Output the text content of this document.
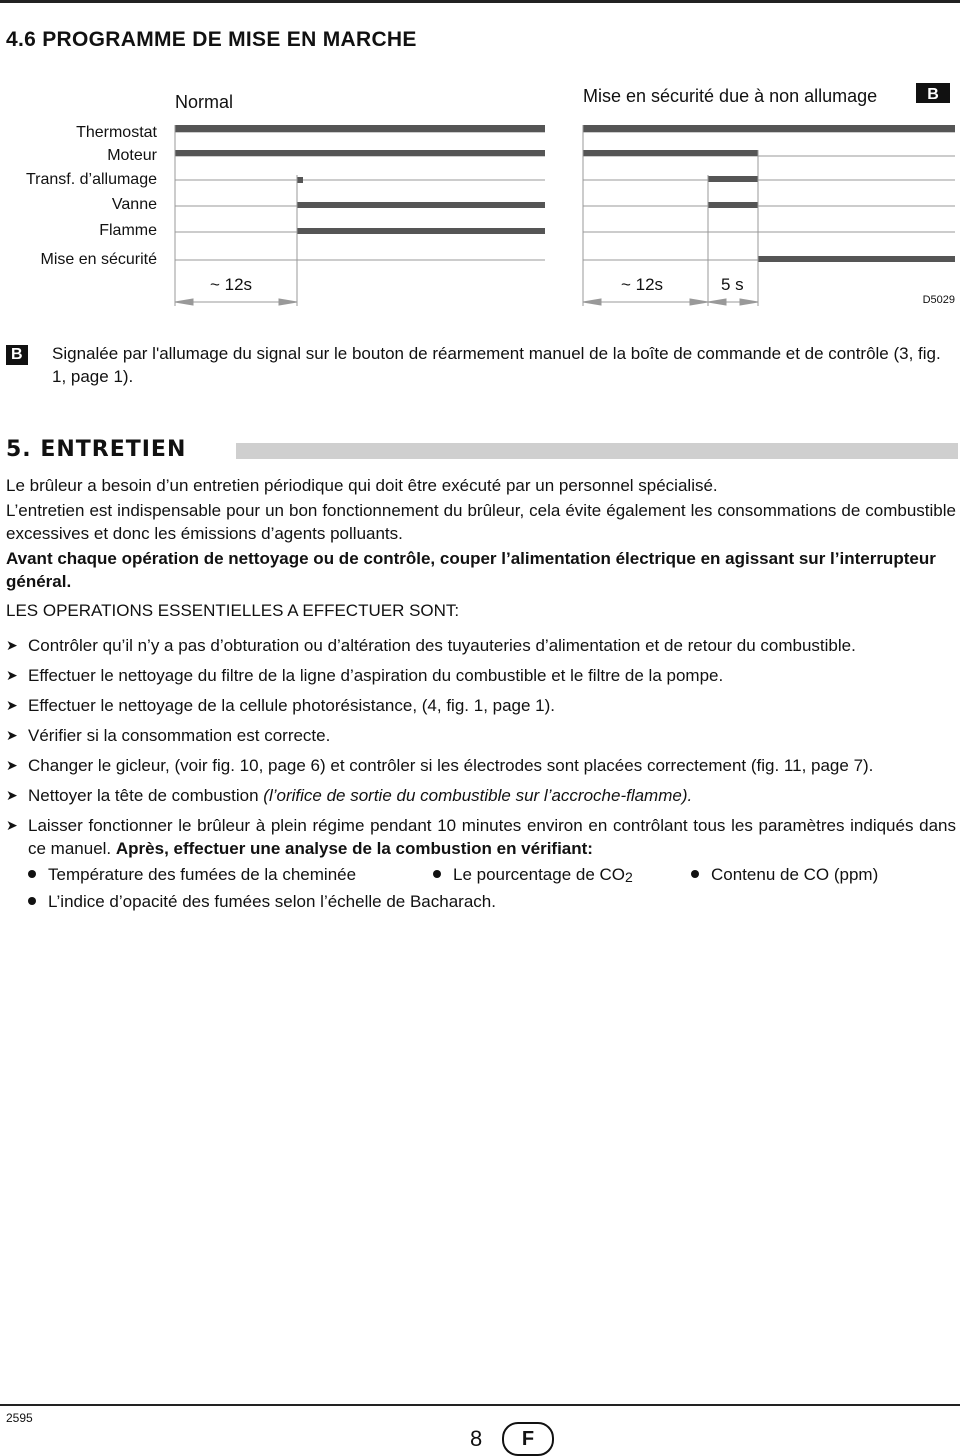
4.6 PROGRAMME DE MISE EN MARCHE
Normal	Mise en sécurité due à non allumage
Thermostat
Moteur
Transf. d’allumage
Vanne
Flamme
Mise en sécurité
B
~ 12s	~ 12s	5 s
D5029
B Signalée par l'allumage du signal sur le bouton de réarmement manuel de la boîte de commande et de contrôle (3, fig. 1, page 1).
5. ENTRETIEN

Le brûleur a besoin d’un entretien périodique qui doit être exécuté par un personnel spécialisé.

L’entretien est indispensable pour un bon fonctionnement du brûleur, cela évite également les consommations de combustible excessives et donc les émissions d’agents polluants.

Avant chaque opération de nettoyage ou de contrôle, couper l’alimentation électrique en agissant sur l’interrupteur général.

LES OPERATIONS ESSENTIELLES A EFFECTUER SONT:

➤ Contrôler qu’il n’y a pas d’obturation ou d’altération des tuyauteries d’alimentation et de retour du combustible.
➤ Effectuer le nettoyage du filtre de la ligne d’aspiration du combustible et le filtre de la pompe.
➤ Effectuer le nettoyage de la cellule photorésistance, (4, fig. 1, page 1).
➤ Vérifier si la consommation est correcte.
➤ Changer le gicleur, (voir fig. 10, page 6) et contrôler si les électrodes sont placées correctement (fig. 11, page 7).
➤ Nettoyer la tête de combustion (l’orifice de sortie du combustible sur l’accroche-flamme).
➤ Laisser fonctionner le brûleur à plein régime pendant 10 minutes environ en contrôlant tous les paramètres indiqués dans ce manuel. Après, effectuer une analyse de la combustion en vérifiant:
Température des fumées de la cheminée	Le pourcentage de CO 2	Contenu de CO (ppm)
L’indice d’opacité des fumées selon l’échelle de Bacharach.
2595
8	F
